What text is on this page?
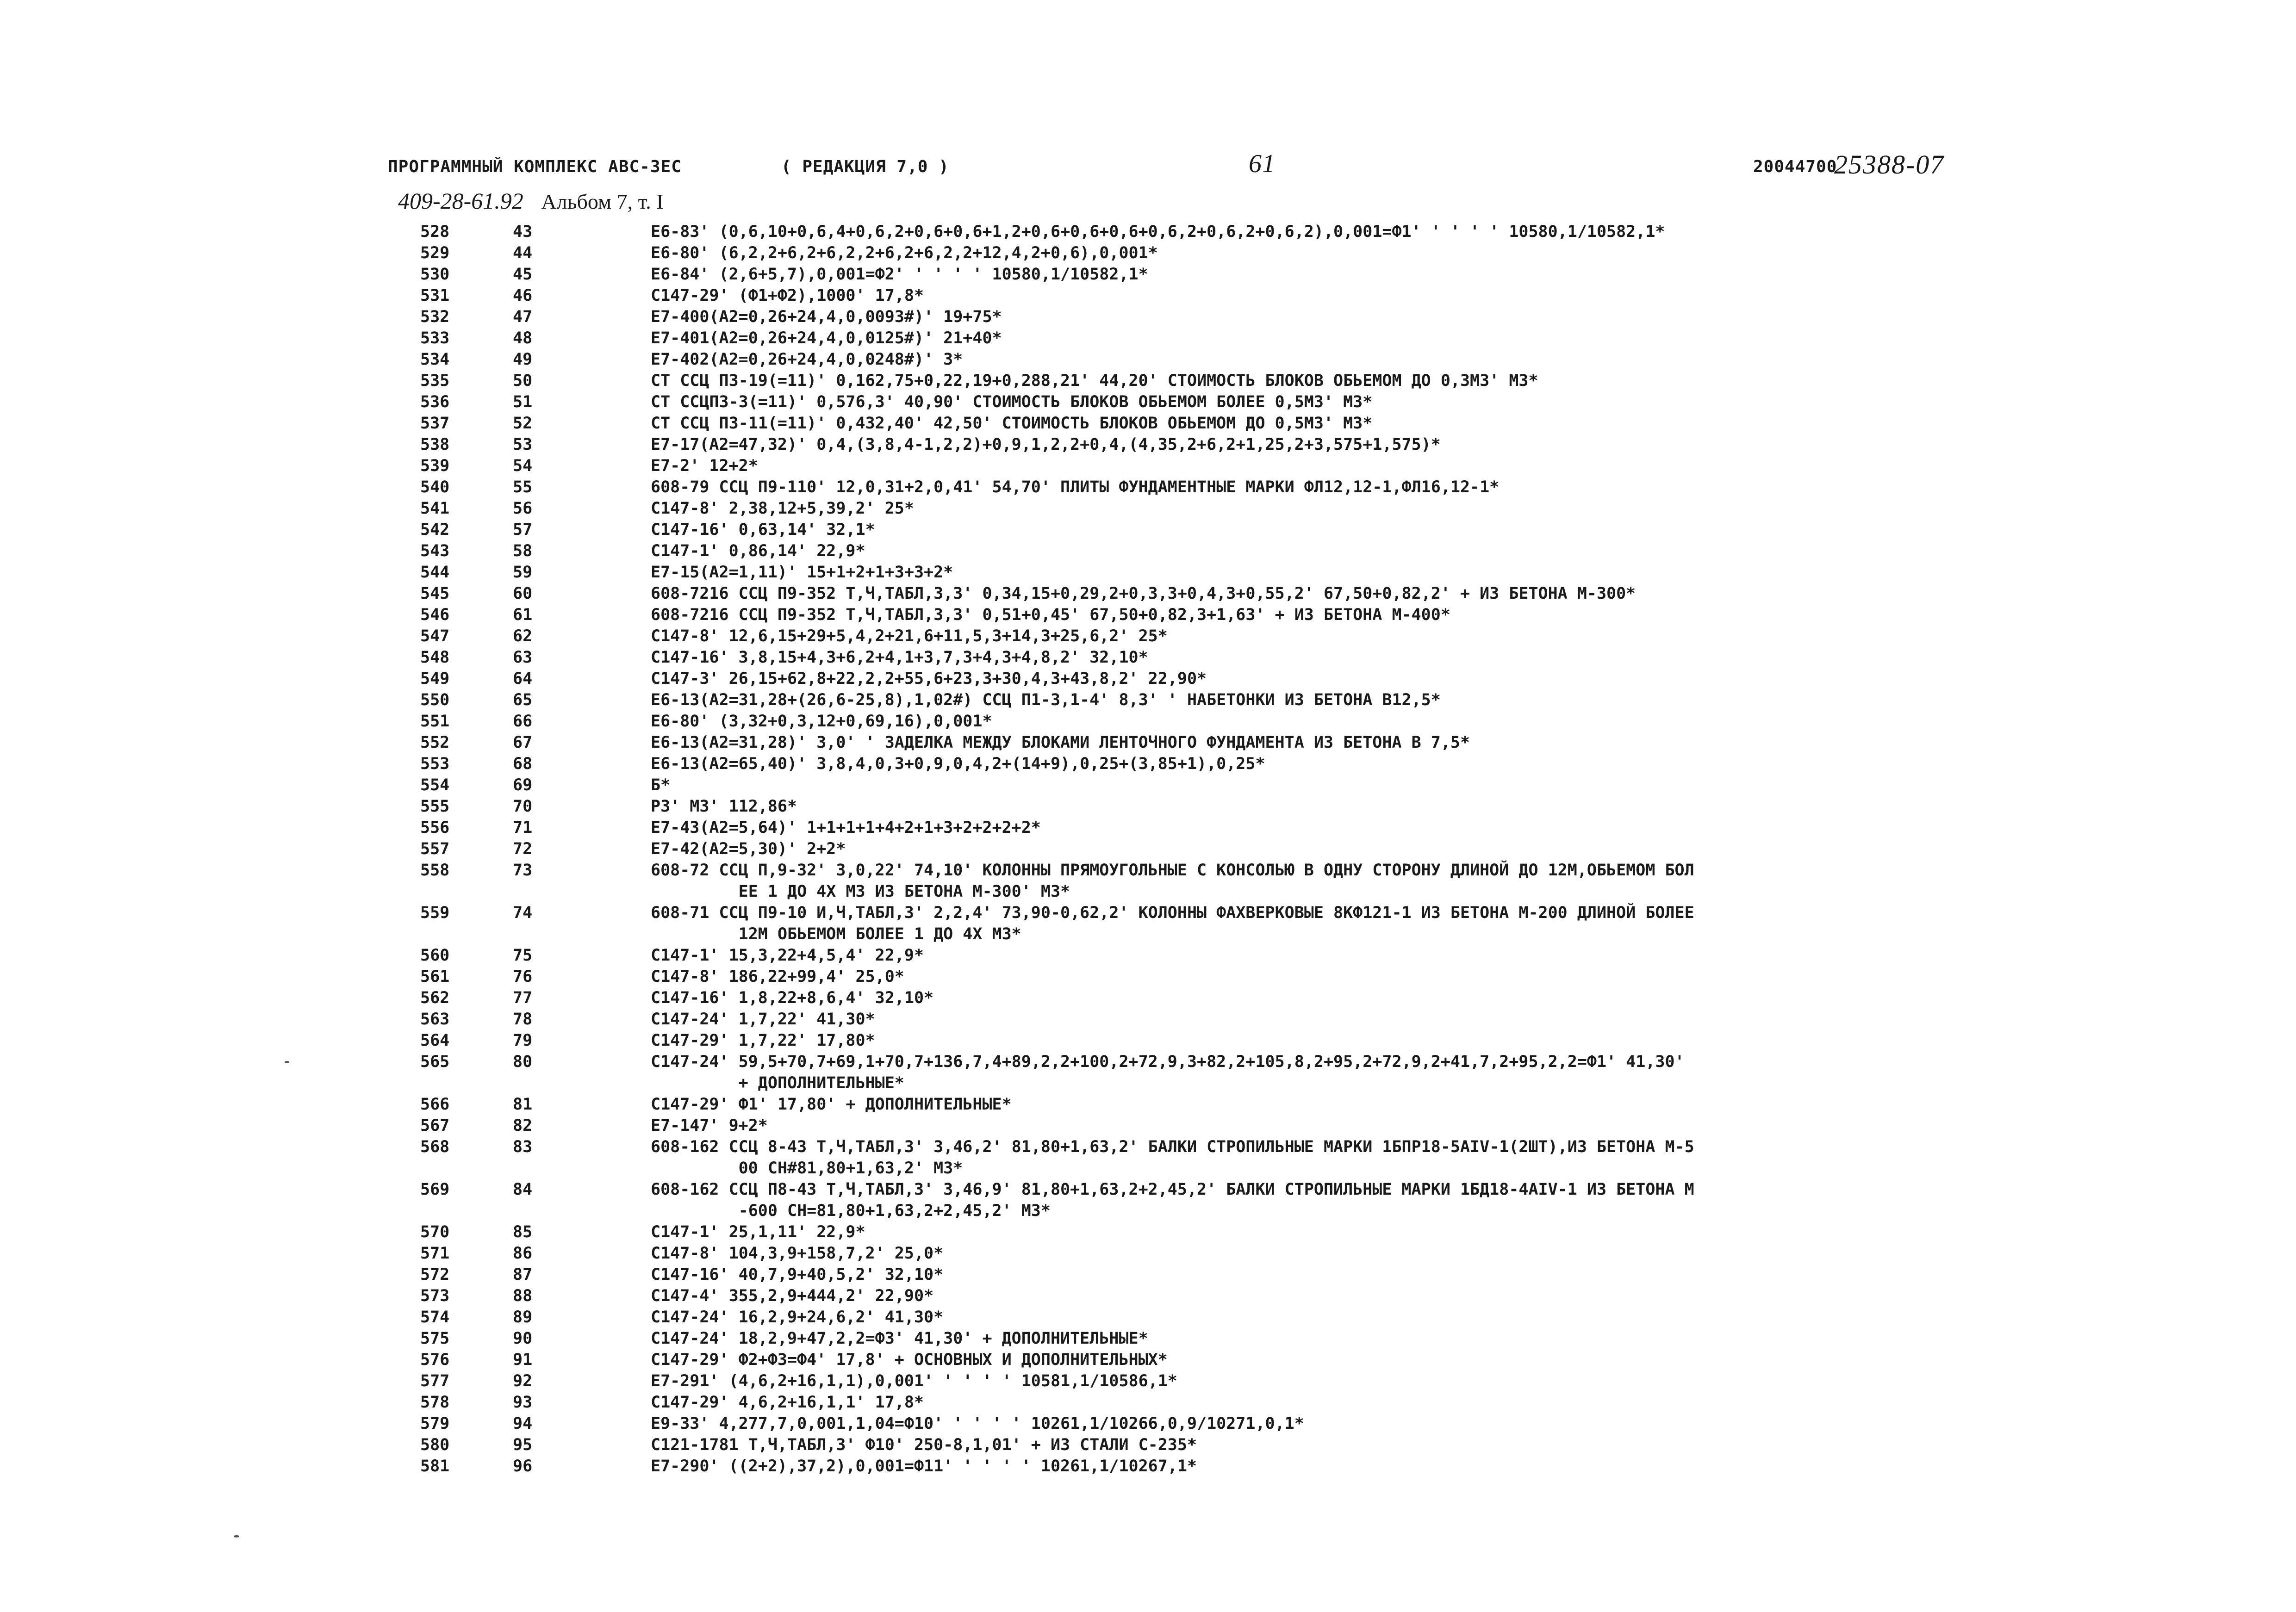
ПРОГРАММНЫЙ КОМПЛЕКС АВС-ЗЕС	( РЕДАКЦИЯ 7,0 )	61	20044700
25388-07
409-28-61.92 Альбом 7, т. I
528	43	Е6-83' (0,6,10+0,6,4+0,6,2+0,6+0,6+1,2+0,6+0,6+0,6+0,6,2+0,6,2+0,6,2),0,001=Ф1' ' ' ' ' 10580,1/10582,1*
529	44	Е6-80' (6,2,2+6,2+6,2,2+6,2+6,2,2+12,4,2+0,6),0,001*
530	45	Е6-84' (2,6+5,7),0,001=Ф2' ' ' ' ' 10580,1/10582,1*
531	46	С147-29' (Ф1+Ф2),1000' 17,8*
532	47	Е7-400(А2=0,26+24,4,0,0093#)' 19+75*
533	48	Е7-401(А2=0,26+24,4,0,0125#)' 21+40*
534	49	Е7-402(А2=0,26+24,4,0,0248#)' 3*
535	50	СТ ССЦ ПЗ-19(=11)' 0,162,75+0,22,19+0,288,21' 44,20' СТОИМОСТЬ БЛОКОВ ОБЬЕМОМ ДО 0,3М3' М3*
536	51	СТ ССЦПЗ-3(=11)' 0,576,3' 40,90' СТОИМОСТЬ БЛОКОВ ОБЬЕМОМ БОЛЕЕ 0,5М3' М3*
537	52	СТ ССЦ ПЗ-11(=11)' 0,432,40' 42,50' СТОИМОСТЬ БЛОКОВ ОБЬЕМОМ ДО 0,5М3' М3*
538	53	Е7-17(А2=47,32)' 0,4,(3,8,4-1,2,2)+0,9,1,2,2+0,4,(4,35,2+6,2+1,25,2+3,575+1,575)*
539	54	Е7-2' 12+2*
540	55	608-79 ССЦ П9-110' 12,0,31+2,0,41' 54,70' ПЛИТЫ ФУНДАМЕНТНЫЕ МАРКИ ФЛ12,12-1,ФЛ16,12-1*
541	56	С147-8' 2,38,12+5,39,2' 25*
542	57	С147-16' 0,63,14' 32,1*
543	58	С147-1' 0,86,14' 22,9*
544	59	Е7-15(А2=1,11)' 15+1+2+1+3+3+2*
545	60	608-7216 ССЦ П9-352 Т,Ч,ТАБЛ,3,3' 0,34,15+0,29,2+0,3,3+0,4,3+0,55,2' 67,50+0,82,2' + ИЗ БЕТОНА М-300*
546	61	608-7216 ССЦ П9-352 Т,Ч,ТАБЛ,3,3' 0,51+0,45' 67,50+0,82,3+1,63' + ИЗ БЕТОНА М-400*
547	62	С147-8' 12,6,15+29+5,4,2+21,6+11,5,3+14,3+25,6,2' 25*
548	63	С147-16' 3,8,15+4,3+6,2+4,1+3,7,3+4,3+4,8,2' 32,10*
549	64	С147-3' 26,15+62,8+22,2,2+55,6+23,3+30,4,3+43,8,2' 22,90*
550	65	Е6-13(А2=31,28+(26,6-25,8),1,02#) ССЦ П1-3,1-4' 8,3' ' НАБЕТОНКИ ИЗ БЕТОНА В12,5*
551	66	Е6-80' (3,32+0,3,12+0,69,16),0,001*
552	67	Е6-13(А2=31,28)' 3,0' ' ЗАДЕЛКА МЕЖДУ БЛОКАМИ ЛЕНТОЧНОГО ФУНДАМЕНТА ИЗ БЕТОНА В 7,5*
553	68	Е6-13(А2=65,40)' 3,8,4,0,3+0,9,0,4,2+(14+9),0,25+(3,85+1),0,25*
554	69	Б*
555	70	Р3' М3' 112,86*
556	71	Е7-43(А2=5,64)' 1+1+1+1+4+2+1+3+2+2+2+2*
557	72	Е7-42(А2=5,30)' 2+2*
558	73	608-72 ССЦ П,9-32' 3,0,22' 74,10' КОЛОННЫ ПРЯМОУГОЛЬНЫЕ С КОНСОЛЬЮ В ОДНУ СТОРОНУ ДЛИНОЙ ДО 12М,ОБЬЕМОМ БОЛ
ЕЕ 1 ДО 4Х М3 ИЗ БЕТОНА М-300' М3*
559	74	608-71 ССЦ П9-10 И,Ч,ТАБЛ,3' 2,2,4' 73,90-0,62,2' КОЛОННЫ ФАХВЕРКОВЫЕ 8КФ121-1 ИЗ БЕТОНА М-200 ДЛИНОЙ БОЛЕЕ
12М ОБЬЕМОМ БОЛЕЕ 1 ДО 4Х М3*
560	75	С147-1' 15,3,22+4,5,4' 22,9*
561	76	С147-8' 186,22+99,4' 25,0*
562	77	С147-16' 1,8,22+8,6,4' 32,10*
563	78	С147-24' 1,7,22' 41,30*
564	79	С147-29' 1,7,22' 17,80*
565	80	С147-24' 59,5+70,7+69,1+70,7+136,7,4+89,2,2+100,2+72,9,3+82,2+105,8,2+95,2+72,9,2+41,7,2+95,2,2=Ф1' 41,30'
+ ДОПОЛНИТЕЛЬНЫЕ*
566	81	С147-29' Ф1' 17,80' + ДОПОЛНИТЕЛЬНЫЕ*
567	82	Е7-147' 9+2*
568	83	608-162 ССЦ 8-43 Т,Ч,ТАБЛ,3' 3,46,2' 81,80+1,63,2' БАЛКИ СТРОПИЛЬНЫЕ МАРКИ 1БПР18-5АIV-1(2ШТ),ИЗ БЕТОНА М-5
00 СН#81,80+1,63,2' М3*
569	84	608-162 ССЦ П8-43 Т,Ч,ТАБЛ,3' 3,46,9' 81,80+1,63,2+2,45,2' БАЛКИ СТРОПИЛЬНЫЕ МАРКИ 1БД18-4АIV-1 ИЗ БЕТОНА М
-600 СН=81,80+1,63,2+2,45,2' М3*
570	85	С147-1' 25,1,11' 22,9*
571	86	С147-8' 104,3,9+158,7,2' 25,0*
572	87	С147-16' 40,7,9+40,5,2' 32,10*
573	88	С147-4' 355,2,9+444,2' 22,90*
574	89	С147-24' 16,2,9+24,6,2' 41,30*
575	90	С147-24' 18,2,9+47,2,2=Ф3' 41,30' + ДОПОЛНИТЕЛЬНЫЕ*
576	91	С147-29' Ф2+Ф3=Ф4' 17,8' + ОСНОВНЫХ И ДОПОЛНИТЕЛЬНЫХ*
577	92	Е7-291' (4,6,2+16,1,1),0,001' ' ' ' ' 10581,1/10586,1*
578	93	С147-29' 4,6,2+16,1,1' 17,8*
579	94	Е9-33' 4,277,7,0,001,1,04=Ф10' ' ' ' ' 10261,1/10266,0,9/10271,0,1*
580	95	С121-1781 Т,Ч,ТАБЛ,3' Ф10' 250-8,1,01' + ИЗ СТАЛИ С-235*
581	96	Е7-290' ((2+2),37,2),0,001=Ф11' ' ' ' ' 10261,1/10267,1*
